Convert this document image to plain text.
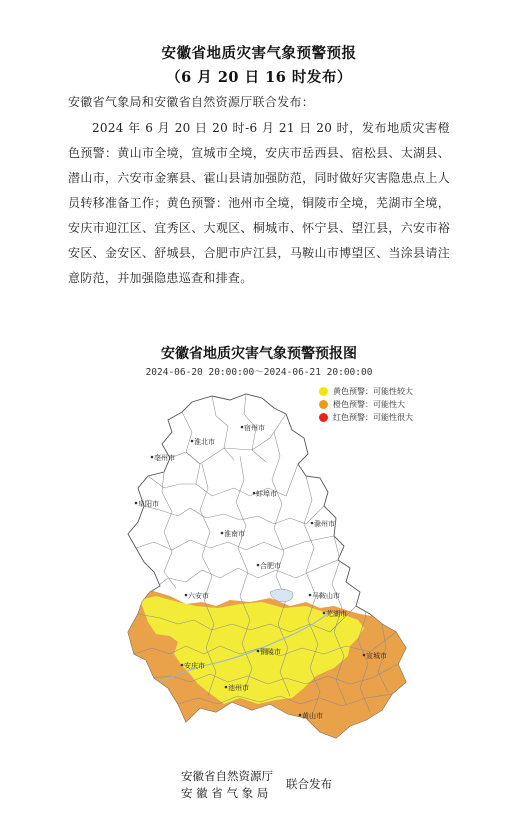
安徽省地质灾害气象预警预报
（6 月 20 日 16 时发布）
安徽省气象局和安徽省自然资源厅联合发布：
2024 年 6 月 20 日 20 时-6 月 21 日 20 时，发布地质灾害橙色预警：黄山市全境，宣城市全境，安庆市岳西县、宿松县、太湖县、潜山市，六安市金寨县、霍山县请加强防范，同时做好灾害隐患点上人员转移准备工作；黄色预警：池州市全境，铜陵市全境，芜湖市全境，安庆市迎江区、宜秀区、大观区、桐城市、怀宁县、望江县，六安市裕安区、金安区、舒城县，合肥市庐江县，马鞍山市博望区、当涂县请注意防范，并加强隐患巡查和排查。
安徽省地质灾害气象预警预报图
2024-06-20 20:00:00～2024-06-21 20:00:00
黄色预警：可能性较大
橙色预警：可能性大
红色预警：可能性很大
宿州市
淮北市
亳州市
蚌埠市
阜阳市
淮南市
滁州市
合肥市
六安市	马鞍山市
芜湖市
铜陵市
安庆市
宣城市
池州市
黄山市
安徽省自然资源厅
安 徽 省 气 象 局
联合发布
